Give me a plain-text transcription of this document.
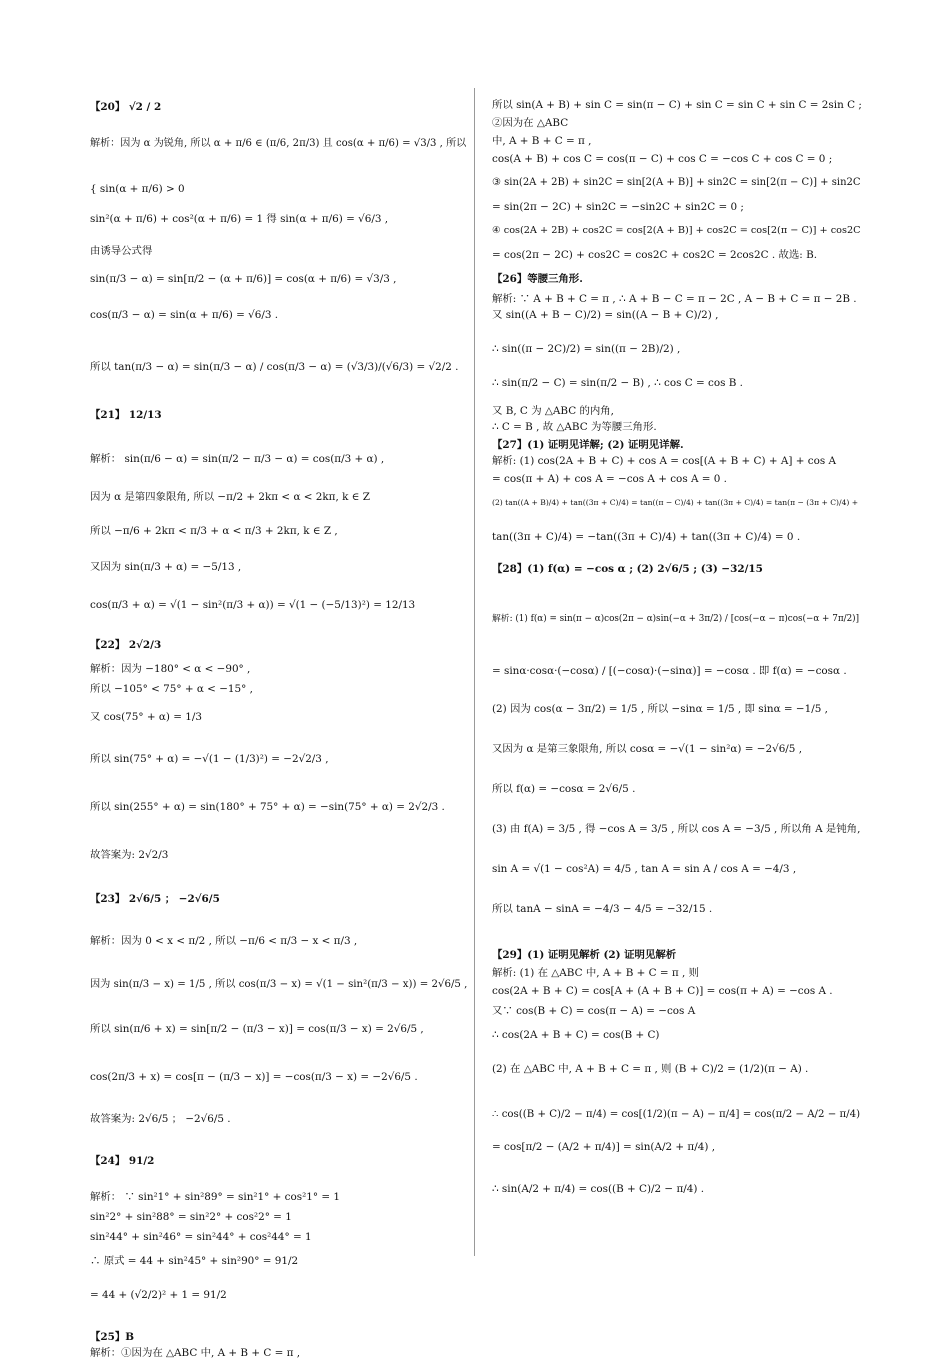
【20】 √2 / 2
解析：因为 α 为锐角, 所以 α + π/6 ∈ (π/6, 2π/3) 且 cos(α + π/6) = √3/3 , 所以
{ sin(α + π/6) > 0
sin²(α + π/6) + cos²(α + π/6) = 1 得 sin(α + π/6) = √6/3 ,
由诱导公式得
sin(π/3 − α) = sin[π/2 − (α + π/6)] = cos(α + π/6) = √3/3 ,
cos(π/3 − α) = sin(α + π/6) = √6/3 .
所以 tan(π/3 − α) = sin(π/3 − α) / cos(π/3 − α) = (√3/3)/(√6/3) = √2/2 .
【21】 12/13
解析： sin(π/6 − α) = sin(π/2 − π/3 − α) = cos(π/3 + α) ,
因为 α 是第四象限角, 所以 −π/2 + 2kπ < α < 2kπ, k ∈ Z
所以 −π/6 + 2kπ < π/3 + α < π/3 + 2kπ, k ∈ Z ,
又因为 sin(π/3 + α) = −5/13 ,
cos(π/3 + α) = √(1 − sin²(π/3 + α)) = √(1 − (−5/13)²) = 12/13
【22】 2√2/3
解析：因为 −180° < α < −90° ,
所以 −105° < 75° + α < −15° ,
又 cos(75° + α) = 1/3
所以 sin(75° + α) = −√(1 − (1/3)²) = −2√2/3 ,
所以 sin(255° + α) = sin(180° + 75° + α) = −sin(75° + α) = 2√2/3 .
故答案为: 2√2/3
【23】 2√6/5 ； −2√6/5
解析：因为 0 < x < π/2 , 所以 −π/6 < π/3 − x < π/3 ,
因为 sin(π/3 − x) = 1/5 , 所以 cos(π/3 − x) = √(1 − sin²(π/3 − x)) = 2√6/5 ,
所以 sin(π/6 + x) = sin[π/2 − (π/3 − x)] = cos(π/3 − x) = 2√6/5 ,
cos(2π/3 + x) = cos[π − (π/3 − x)] = −cos(π/3 − x) = −2√6/5 .
故答案为: 2√6/5 ； −2√6/5 .
【24】 91/2
解析： ∵ sin²1° + sin²89° = sin²1° + cos²1° = 1
sin²2° + sin²88° = sin²2° + cos²2° = 1
sin²44° + sin²46° = sin²44° + cos²44° = 1
∴ 原式 = 44 + sin²45° + sin²90° = 91/2
= 44 + (√2/2)² + 1 = 91/2
【25】B
解析：①因为在 △ABC 中, A + B + C = π ,
所以 sin(A + B) + sin C = sin(π − C) + sin C = sin C + sin C = 2sin C ;
②因为在 △ABC
中, A + B + C = π ,
cos(A + B) + cos C = cos(π − C) + cos C = −cos C + cos C = 0 ;
③ sin(2A + 2B) + sin2C = sin[2(A + B)] + sin2C = sin[2(π − C)] + sin2C
= sin(2π − 2C) + sin2C = −sin2C + sin2C = 0 ;
④ cos(2A + 2B) + cos2C = cos[2(A + B)] + cos2C = cos[2(π − C)] + cos2C
= cos(2π − 2C) + cos2C = cos2C + cos2C = 2cos2C . 故选: B.
【26】等腰三角形.
解析: ∵ A + B + C = π , ∴ A + B − C = π − 2C , A − B + C = π − 2B .
又 sin((A + B − C)/2) = sin((A − B + C)/2) ,
∴ sin((π − 2C)/2) = sin((π − 2B)/2) ,
∴ sin(π/2 − C) = sin(π/2 − B) , ∴ cos C = cos B .
又 B, C 为 △ABC 的内角,
∴ C = B , 故 △ABC 为等腰三角形.
【27】(1) 证明见详解; (2) 证明见详解.
解析: (1) cos(2A + B + C) + cos A = cos[(A + B + C) + A] + cos A
= cos(π + A) + cos A = −cos A + cos A = 0 .
(2) tan((A + B)/4) + tan((3π + C)/4) = tan((π − C)/4) + tan((3π + C)/4) = tan(π − (3π + C)/4) +
tan((3π + C)/4) = −tan((3π + C)/4) + tan((3π + C)/4) = 0 .
【28】(1) f(α) = −cos α ; (2) 2√6/5 ; (3) −32/15
解析: (1) f(α) = sin(π − α)cos(2π − α)sin(−α + 3π/2) / [cos(−α − π)cos(−α + 7π/2)]
= sinα·cosα·(−cosα) / [(−cosα)·(−sinα)] = −cosα . 即 f(α) = −cosα .
(2) 因为 cos(α − 3π/2) = 1/5 , 所以 −sinα = 1/5 , 即 sinα = −1/5 ,
又因为 α 是第三象限角, 所以 cosα = −√(1 − sin²α) = −2√6/5 ,
所以 f(α) = −cosα = 2√6/5 .
(3) 由 f(A) = 3/5 , 得 −cos A = 3/5 , 所以 cos A = −3/5 , 所以角 A 是钝角,
sin A = √(1 − cos²A) = 4/5 , tan A = sin A / cos A = −4/3 ,
所以 tanA − sinA = −4/3 − 4/5 = −32/15 .
【29】(1) 证明见解析 (2) 证明见解析
解析: (1) 在 △ABC 中, A + B + C = π , 则
cos(2A + B + C) = cos[A + (A + B + C)] = cos(π + A) = −cos A .
又∵ cos(B + C) = cos(π − A) = −cos A
∴ cos(2A + B + C) = cos(B + C)
(2) 在 △ABC 中, A + B + C = π , 则 (B + C)/2 = (1/2)(π − A) .
∴ cos((B + C)/2 − π/4) = cos[(1/2)(π − A) − π/4] = cos(π/2 − A/2 − π/4)
= cos[π/2 − (A/2 + π/4)] = sin(A/2 + π/4) ,
∴ sin(A/2 + π/4) = cos((B + C)/2 − π/4) .
